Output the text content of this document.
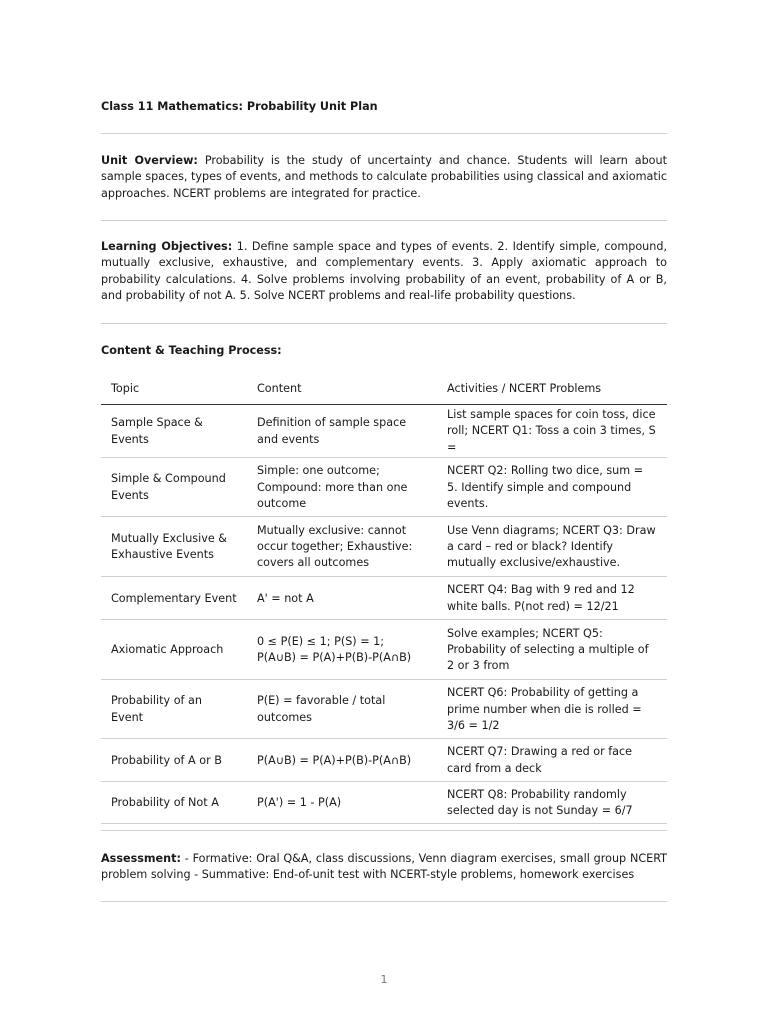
Class 11 Mathematics: Probability Unit Plan
Unit Overview: Probability is the study of uncertainty and chance. Students will learn about sample spaces, types of events, and methods to calculate probabilities using classical and axiomatic approaches. NCERT problems are integrated for practice.
Learning Objectives: 1. Define sample space and types of events. 2. Identify simple, compound, mutually exclusive, exhaustive, and complementary events. 3. Apply axiomatic approach to probability calculations. 4. Solve problems involving probability of an event, probability of A or B, and probability of not A. 5. Solve NCERT problems and real-life probability questions.
Content & Teaching Process:
Topic	Content	Activities / NCERT Problems
Sample Space & Events	Definition of sample space and events	List sample spaces for coin toss, dice roll; NCERT Q1: Toss a coin 3 times, S =
Simple & Compound Events	Simple: one outcome; Compound: more than one outcome	NCERT Q2: Rolling two dice, sum = 5. Identify simple and compound events.
Mutually Exclusive & Exhaustive Events	Mutually exclusive: cannot occur together; Exhaustive: covers all outcomes	Use Venn diagrams; NCERT Q3: Draw a card – red or black? Identify mutually exclusive/exhaustive.
Complementary Event	A' = not A	NCERT Q4: Bag with 9 red and 12 white balls. P(not red) = 12/21
Axiomatic Approach	0 ≤ P(E) ≤ 1; P(S) = 1; P(A∪B) = P(A)+P(B)-P(A∩B)	Solve examples; NCERT Q5: Probability of selecting a multiple of 2 or 3 from
Probability of an Event	P(E) = favorable / total outcomes	NCERT Q6: Probability of getting a prime number when die is rolled = 3/6 = 1/2
Probability of A or B	P(A∪B) = P(A)+P(B)-P(A∩B)	NCERT Q7: Drawing a red or face card from a deck
Probability of Not A	P(A') = 1 - P(A)	NCERT Q8: Probability randomly selected day is not Sunday = 6/7
Assessment: - Formative: Oral Q&A, class discussions, Venn diagram exercises, small group NCERT problem solving - Summative: End-of-unit test with NCERT-style problems, homework exercises
1
